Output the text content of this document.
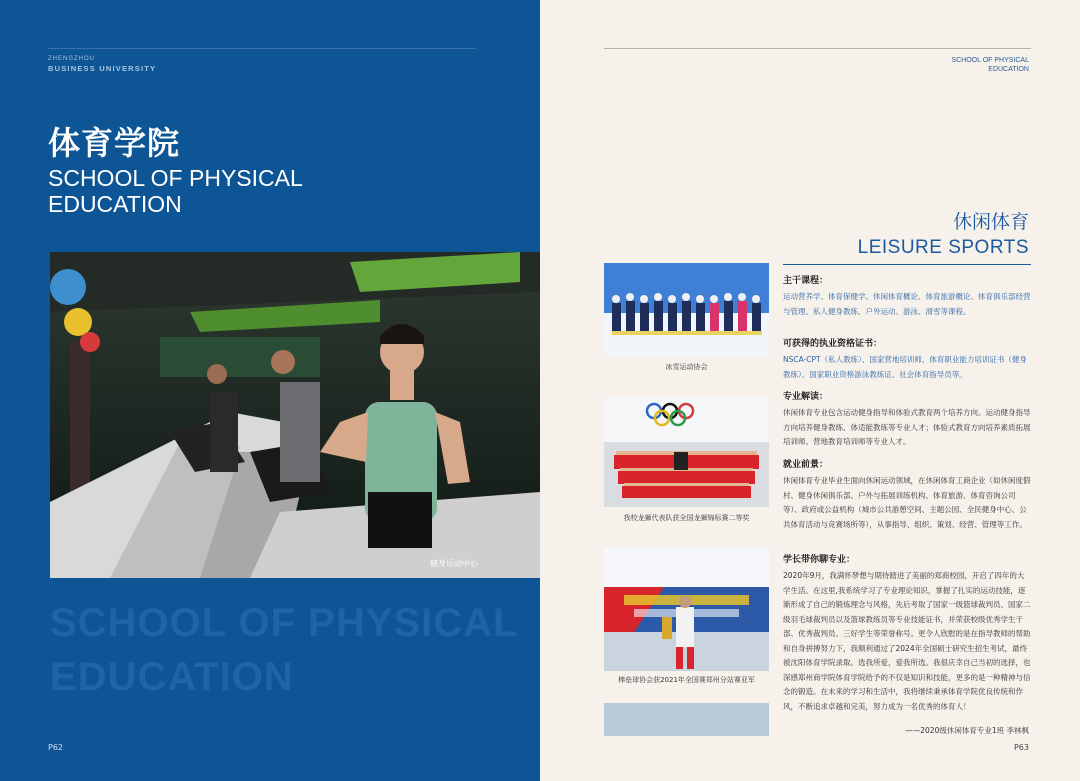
ZHENGZHOU
BUSINESS UNIVERSITY
体育学院
SCHOOL OF PHYSICAL
EDUCATION
健身运动中心
SCHOOL OF PHYSICAL
EDUCATION
P62
SCHOOL OF PHYSICAL
EDUCATION
休闲体育
LEISURE SPORTS
冰雪运动协会
我校龙狮代表队获全国龙狮锦标赛二等奖
棒垒球协会获2021年全国赛郑州分站赛亚军
主干课程：

运动营养学、体育保健学、休闲体育概论、体育旅游概论、体育俱乐部经营与管理、私人健身教练、户外运动、游泳、滑雪等课程。

可获得的执业资格证书：

NSCA-CPT（私人教练）、国家营地培训师、体育职业能力培训证书（健身教练）、国家职业资格游泳教练证、社会体育指导员等。

专业解读：

休闲体育专业包含运动健身指导和体验式教育两个培养方向。运动健身指导方向培养健身教练、体适能教练等专业人才；体验式教育方向培养素质拓展培训师、营地教育培训师等专业人才。

就业前景：

休闲体育专业毕业生面向休闲运动领域，在休闲体育工商企业（如休闲度假村、健身休闲俱乐部、户外与拓展训练机构、体育旅游、体育咨询公司等）、政府或公益机构（城市公共游憩空间、主题公园、全民健身中心、公共体育活动与竞赛场所等），从事指导、组织、策划、经营、管理等工作。

学长带你聊专业：

2020年9月，我满怀梦想与期待踏进了美丽的郑商校园，开启了四年的大学生活。在这里,我系统学习了专业理论知识，掌握了扎实的运动技能，逐渐形成了自己的锻炼理念与风格，先后考取了国家一级篮球裁判员、国家二级羽毛球裁判员以及篮球教练员等专业技能证书，并荣获校级优秀学生干部、优秀裁判员、三好学生等荣誉称号。更令人欣慰的是在指导教师的帮助和自身拼搏努力下，我顺利通过了2024年全国硕士研究生招生考试，最终被沈阳体育学院录取。选我所爱，爱我所选。我很庆幸自己当初的选择，也深感郑州商学院体育学院给予的不仅是知识和技能，更多的是一种精神与信念的锻造。在未来的学习和生活中，我将继续秉承体育学院优良传统和作风，不断追求卓越和完美，努力成为一名优秀的体育人！

——2020级休闲体育专业1班 李林枫
P63
